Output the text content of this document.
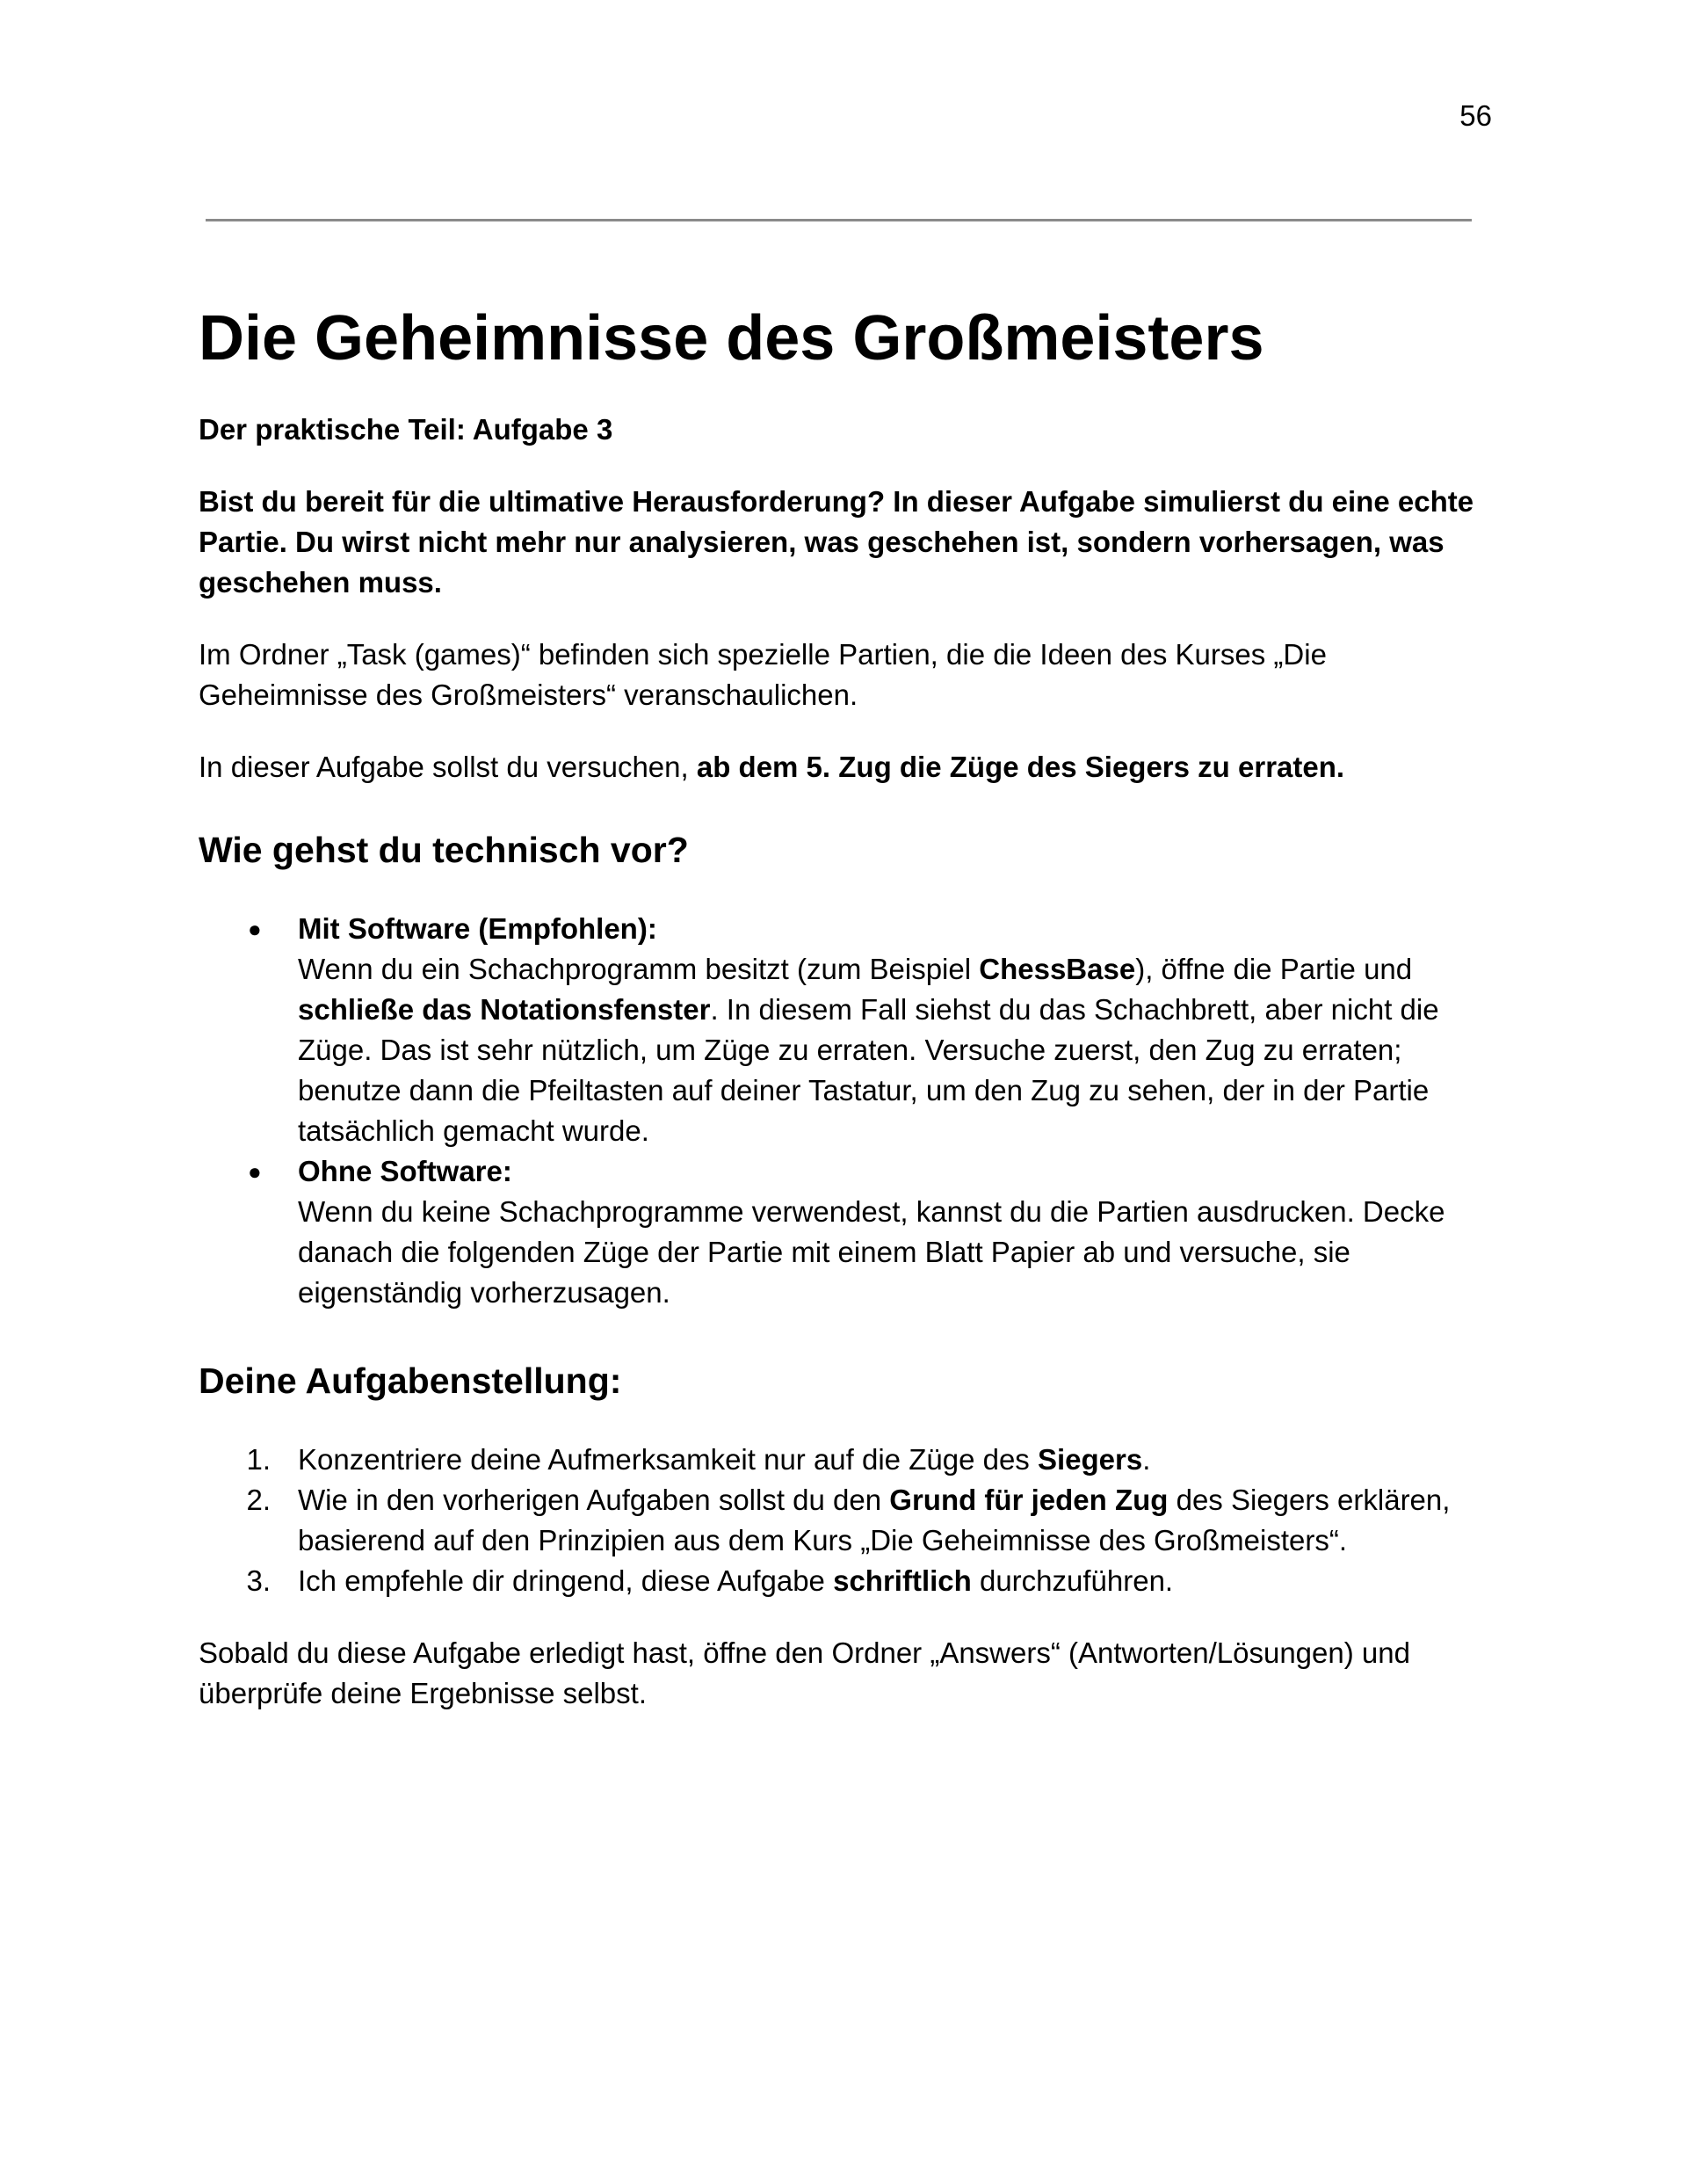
56
Die Geheimnisse des Großmeisters

Der praktische Teil: Aufgabe 3

Bist du bereit für die ultimative Herausforderung? In dieser Aufgabe simulierst du eine echte Partie. Du wirst nicht mehr nur analysieren, was geschehen ist, sondern vorhersagen, was geschehen muss.

Im Ordner „Task (games)“ befinden sich spezielle Partien, die die Ideen des Kurses „Die Geheimnisse des Großmeisters“ veranschaulichen.

In dieser Aufgabe sollst du versuchen, ab dem 5. Zug die Züge des Siegers zu erraten.

Wie gehst du technisch vor?
● Mit Software (Empfohlen):
Wenn du ein Schachprogramm besitzt (zum Beispiel ChessBase), öffne die Partie und schließe das Notationsfenster. In diesem Fall siehst du das Schachbrett, aber nicht die Züge. Das ist sehr nützlich, um Züge zu erraten. Versuche zuerst, den Zug zu erraten; benutze dann die Pfeiltasten auf deiner Tastatur, um den Zug zu sehen, der in der Partie tatsächlich gemacht wurde.
● Ohne Software:
Wenn du keine Schachprogramme verwendest, kannst du die Partien ausdrucken. Decke danach die folgenden Züge der Partie mit einem Blatt Papier ab und versuche, sie eigenständig vorherzusagen.
Deine Aufgabenstellung:
1. Konzentriere deine Aufmerksamkeit nur auf die Züge des Siegers.
2. Wie in den vorherigen Aufgaben sollst du den Grund für jeden Zug des Siegers erklären, basierend auf den Prinzipien aus dem Kurs „Die Geheimnisse des Großmeisters“.
3. Ich empfehle dir dringend, diese Aufgabe schriftlich durchzuführen.

Sobald du diese Aufgabe erledigt hast, öffne den Ordner „Answers“ (Antworten/Lösungen) und überprüfe deine Ergebnisse selbst.
